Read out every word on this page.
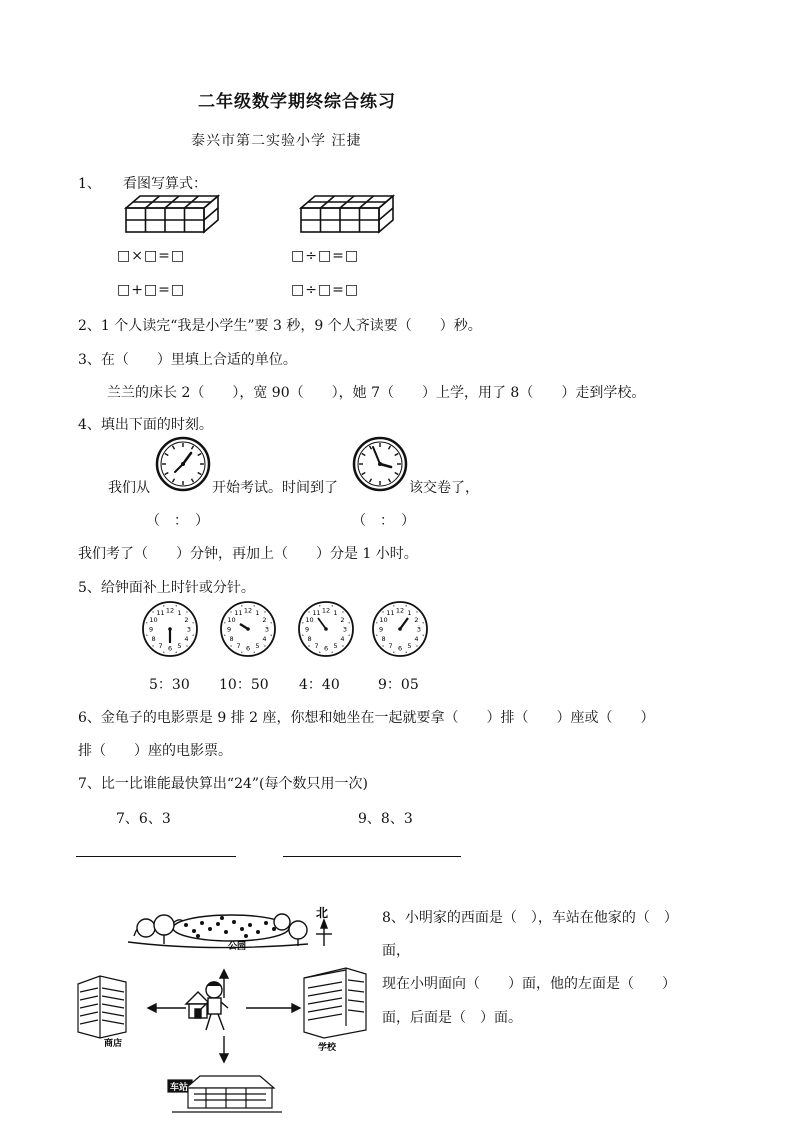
二年级数学期终综合练习
泰兴市第二实验小学 汪捷
1、 看图写算式：
□×□=□	□÷□=□
□+□=□	□÷□=□
2、1 个人读完“我是小学生”要 3 秒，9 个人齐读要（　　）秒。
3、在（　　）里填上合适的单位。
兰兰的床长 2（　　），宽 90（　　），她 7（　　）上学，用了 8（　　）走到学校。
4、填出下面的时刻。
我们从	开始考试。时间到了	该交卷了，
（　：　）	（　：　）
我们考了（　　）分钟，再加上（　　）分是 1 小时。
5、给钟面补上时针或分针。
1
2
3
4
5
6
7
8
9
10
11 12	1
2
3
4
5
6
7
8
9
10
11 12	1
2
3
4
5
6
7
8
9
10
11 12	1
2
3
4
5
6
7
8
9
10
11 12
5：30 10：50 4：40	9：05
6、金龟子的电影票是 9 排 2 座，你想和她坐在一起就要拿（　　）排（　　）座或（　　）
排（　　）座的电影票。
7、比一比谁能最快算出“24”(每个数只用一次)
7、6、3	9、8、3
公园
北
商店	学校
车站
8、小明家的西面是（　），车站在他家的（　）
面，
现在小明面向（　　）面，他的左面是（　　）
面，后面是（　）面。
